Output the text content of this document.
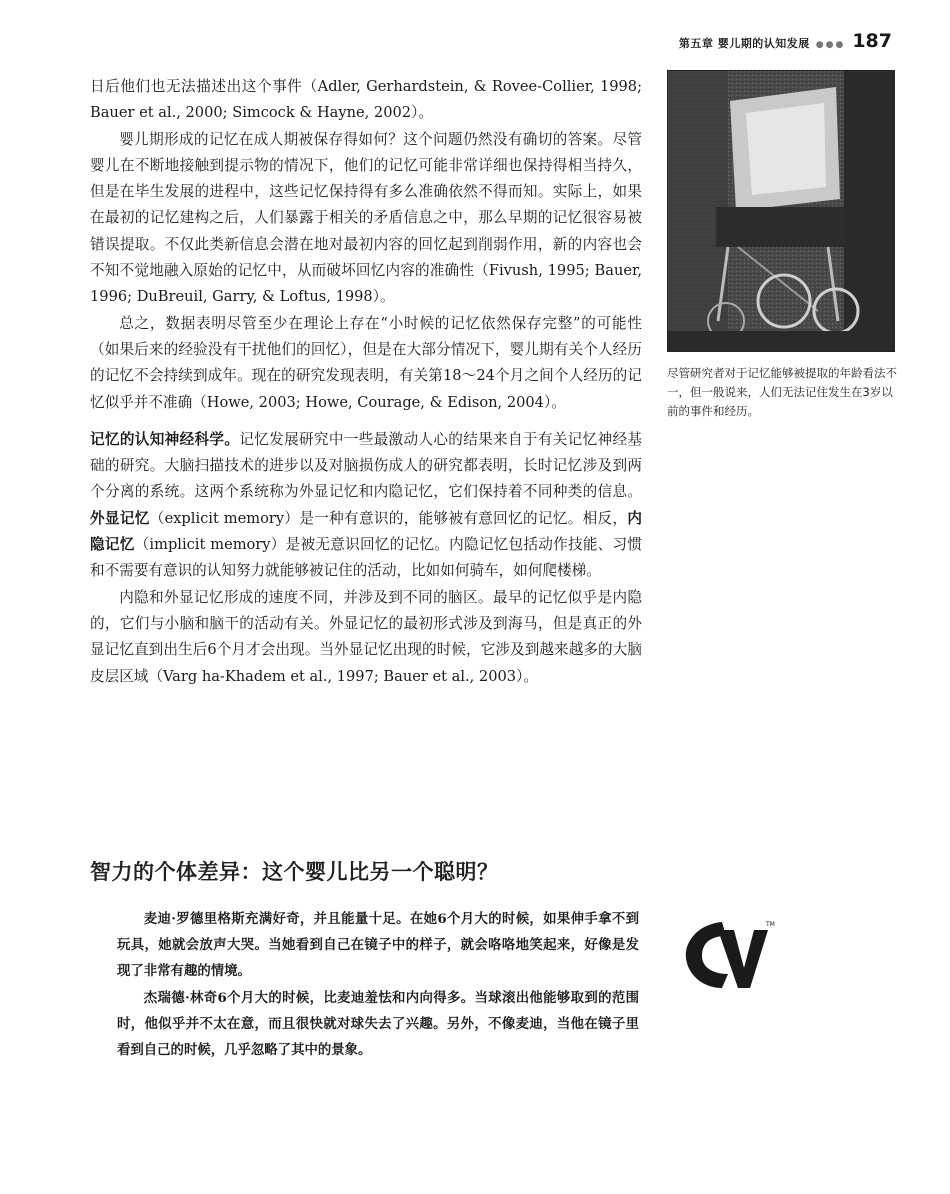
第五章 婴儿期的认知发展 ●●● 187

日后他们也无法描述出这个事件（Adler, Gerhardstein, & Rovee-Collier, 1998; Bauer et al., 2000; Simcock & Hayne, 2002）。

婴儿期形成的记忆在成人期被保存得如何？这个问题仍然没有确切的答案。尽管婴儿在不断地接触到提示物的情况下，他们的记忆可能非常详细也保持得相当持久，但是在毕生发展的进程中，这些记忆保持得有多么准确依然不得而知。实际上，如果在最初的记忆建构之后，人们暴露于相关的矛盾信息之中，那么早期的记忆很容易被错误提取。不仅此类新信息会潜在地对最初内容的回忆起到削弱作用，新的内容也会不知不觉地融入原始的记忆中，从而破坏回忆内容的准确性（Fivush, 1995; Bauer, 1996; DuBreuil, Garry, & Loftus, 1998）。

总之，数据表明尽管至少在理论上存在“小时候的记忆依然保存完整”的可能性（如果后来的经验没有干扰他们的回忆），但是在大部分情况下，婴儿期有关个人经历的记忆不会持续到成年。现在的研究发现表明，有关第18～24个月之间个人经历的记忆似乎并不准确（Howe, 2003; Howe, Courage, & Edison, 2004）。

记忆的认知神经科学。记忆发展研究中一些最激动人心的结果来自于有关记忆神经基础的研究。大脑扫描技术的进步以及对脑损伤成人的研究都表明，长时记忆涉及到两个分离的系统。这两个系统称为外显记忆和内隐记忆，它们保持着不同种类的信息。外显记忆（explicit memory）是一种有意识的，能够被有意回忆的记忆。相反，内隐记忆（implicit memory）是被无意识回忆的记忆。内隐记忆包括动作技能、习惯和不需要有意识的认知努力就能够被记住的活动，比如如何骑车，如何爬楼梯。

内隐和外显记忆形成的速度不同，并涉及到不同的脑区。最早的记忆似乎是内隐的，它们与小脑和脑干的活动有关。外显记忆的最初形式涉及到海马，但是真正的外显记忆直到出生后6个月才会出现。当外显记忆出现的时候，它涉及到越来越多的大脑皮层区域（Varg ha-Khadem et al., 1997; Bauer et al., 2003）。

尽管研究者对于记忆能够被提取的年龄看法不一，但一般说来，人们无法记住发生在3岁以前的事件和经历。
智力的个体差异：这个婴儿比另一个聪明？

麦迪·罗德里格斯充满好奇，并且能量十足。在她6个月大的时候，如果伸手拿不到玩具，她就会放声大哭。当她看到自己在镜子中的样子，就会咯咯地笑起来，好像是发现了非常有趣的情境。

杰瑞德·林奇6个月大的时候，比麦迪羞怯和内向得多。当球滚出他能够取到的范围时，他似乎并不太在意，而且很快就对球失去了兴趣。另外，不像麦迪，当他在镜子里看到自己的时候，几乎忽略了其中的景象。

TM
